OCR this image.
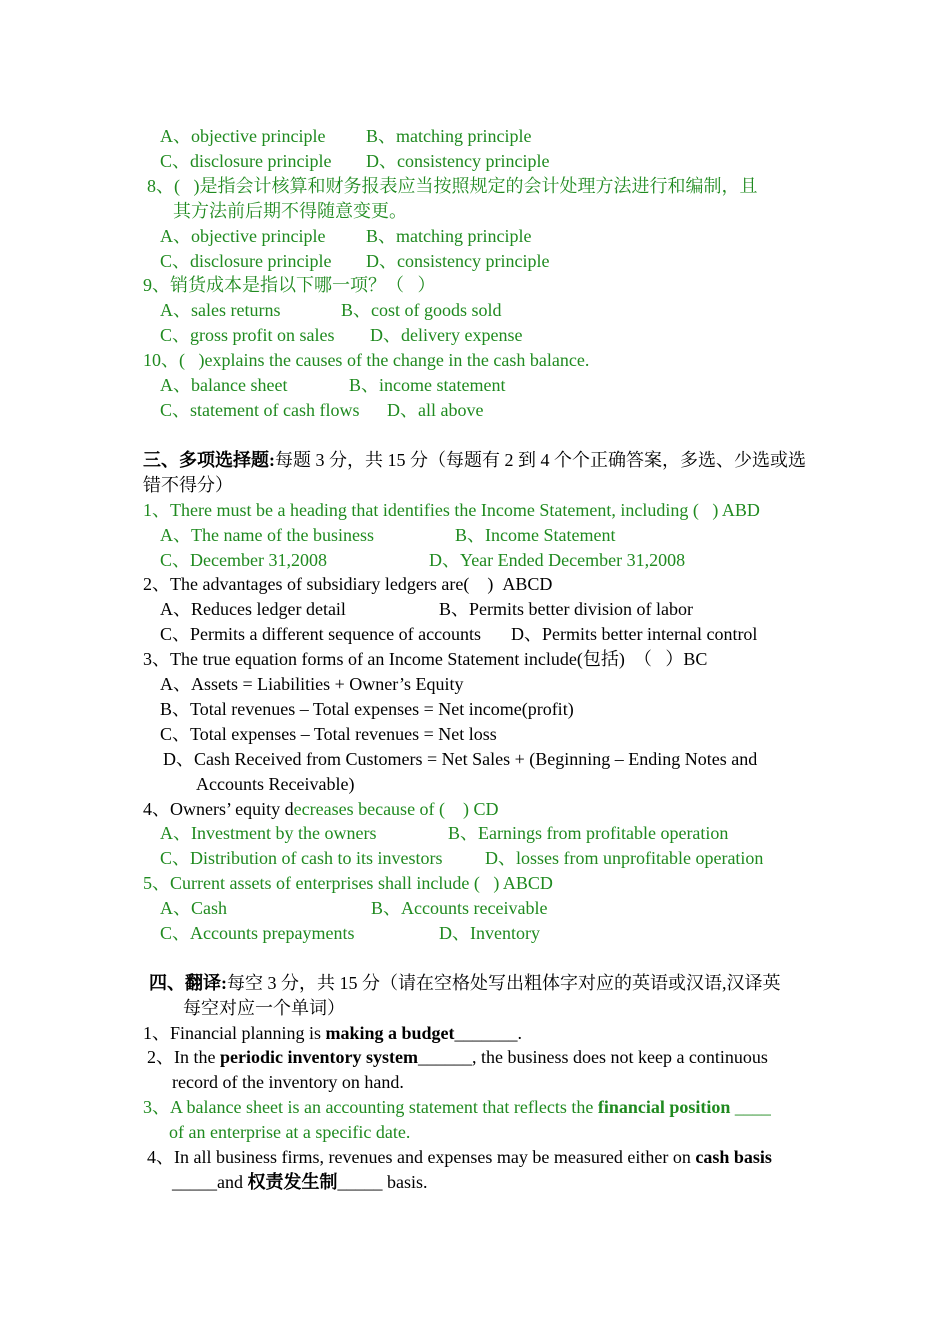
A、objective principle B、matching principle
C、disclosure principle D、consistency principle
8、(   )是指会计核算和财务报表应当按照规定的会计处理方法进行和编制，且
其方法前后期不得随意变更。
A、objective principle B、matching principle
C、disclosure principle D、consistency principle
9、销货成本是指以下哪一项？（   ）
A、sales returns	B、cost of goods sold
C、gross profit on sales D、delivery expense
10、(   )explains the causes of the change in the cash balance.
A、balance sheet	B、income statement
C、statement of cash flows D、all above
三、多项选择题:每题 3 分，共 15 分（每题有 2 到 4 个个正确答案，多选、少选或选
错不得分）
1、There must be a heading that identifies the Income Statement, including (   ) ABD
A、The name of the business	B、Income Statement
C、December 31,2008	D、Year Ended December 31,2008
2、The advantages of subsidiary ledgers are(    )  ABCD
A、Reduces ledger detail	B、Permits better division of labor
C、Permits a different sequence of accounts D、Permits better internal control
3、The true equation forms of an Income Statement include(包括)  （   ）BC
A、Assets = Liabilities + Owner’s Equity
B、Total revenues – Total expenses = Net income(profit)
C、Total expenses – Total revenues = Net loss
D、Cash Received from Customers = Net Sales + (Beginning – Ending Notes and
Accounts Receivable)
4、Owners’ equity decreases because of (    ) CD
A、Investment by the owners	B、Earnings from profitable operation
C、Distribution of cash to its investors D、losses from unprofitable operation
5、Current assets of enterprises shall include (   ) ABCD
A、Cash	B、Accounts receivable
C、Accounts prepayments	D、Inventory
四、翻译:每空 3 分，共 15 分（请在空格处写出粗体字对应的英语或汉语,汉译英
每空对应一个单词）
1、Financial planning is making a budget_______.
2、In the periodic inventory system______, the business does not keep a continuous
record of the inventory on hand.
3、A balance sheet is an accounting statement that reflects the financial position ____
of an enterprise at a specific date.
4、In all business firms, revenues and expenses may be measured either on cash basis
_____and 权责发生制_____ basis.
